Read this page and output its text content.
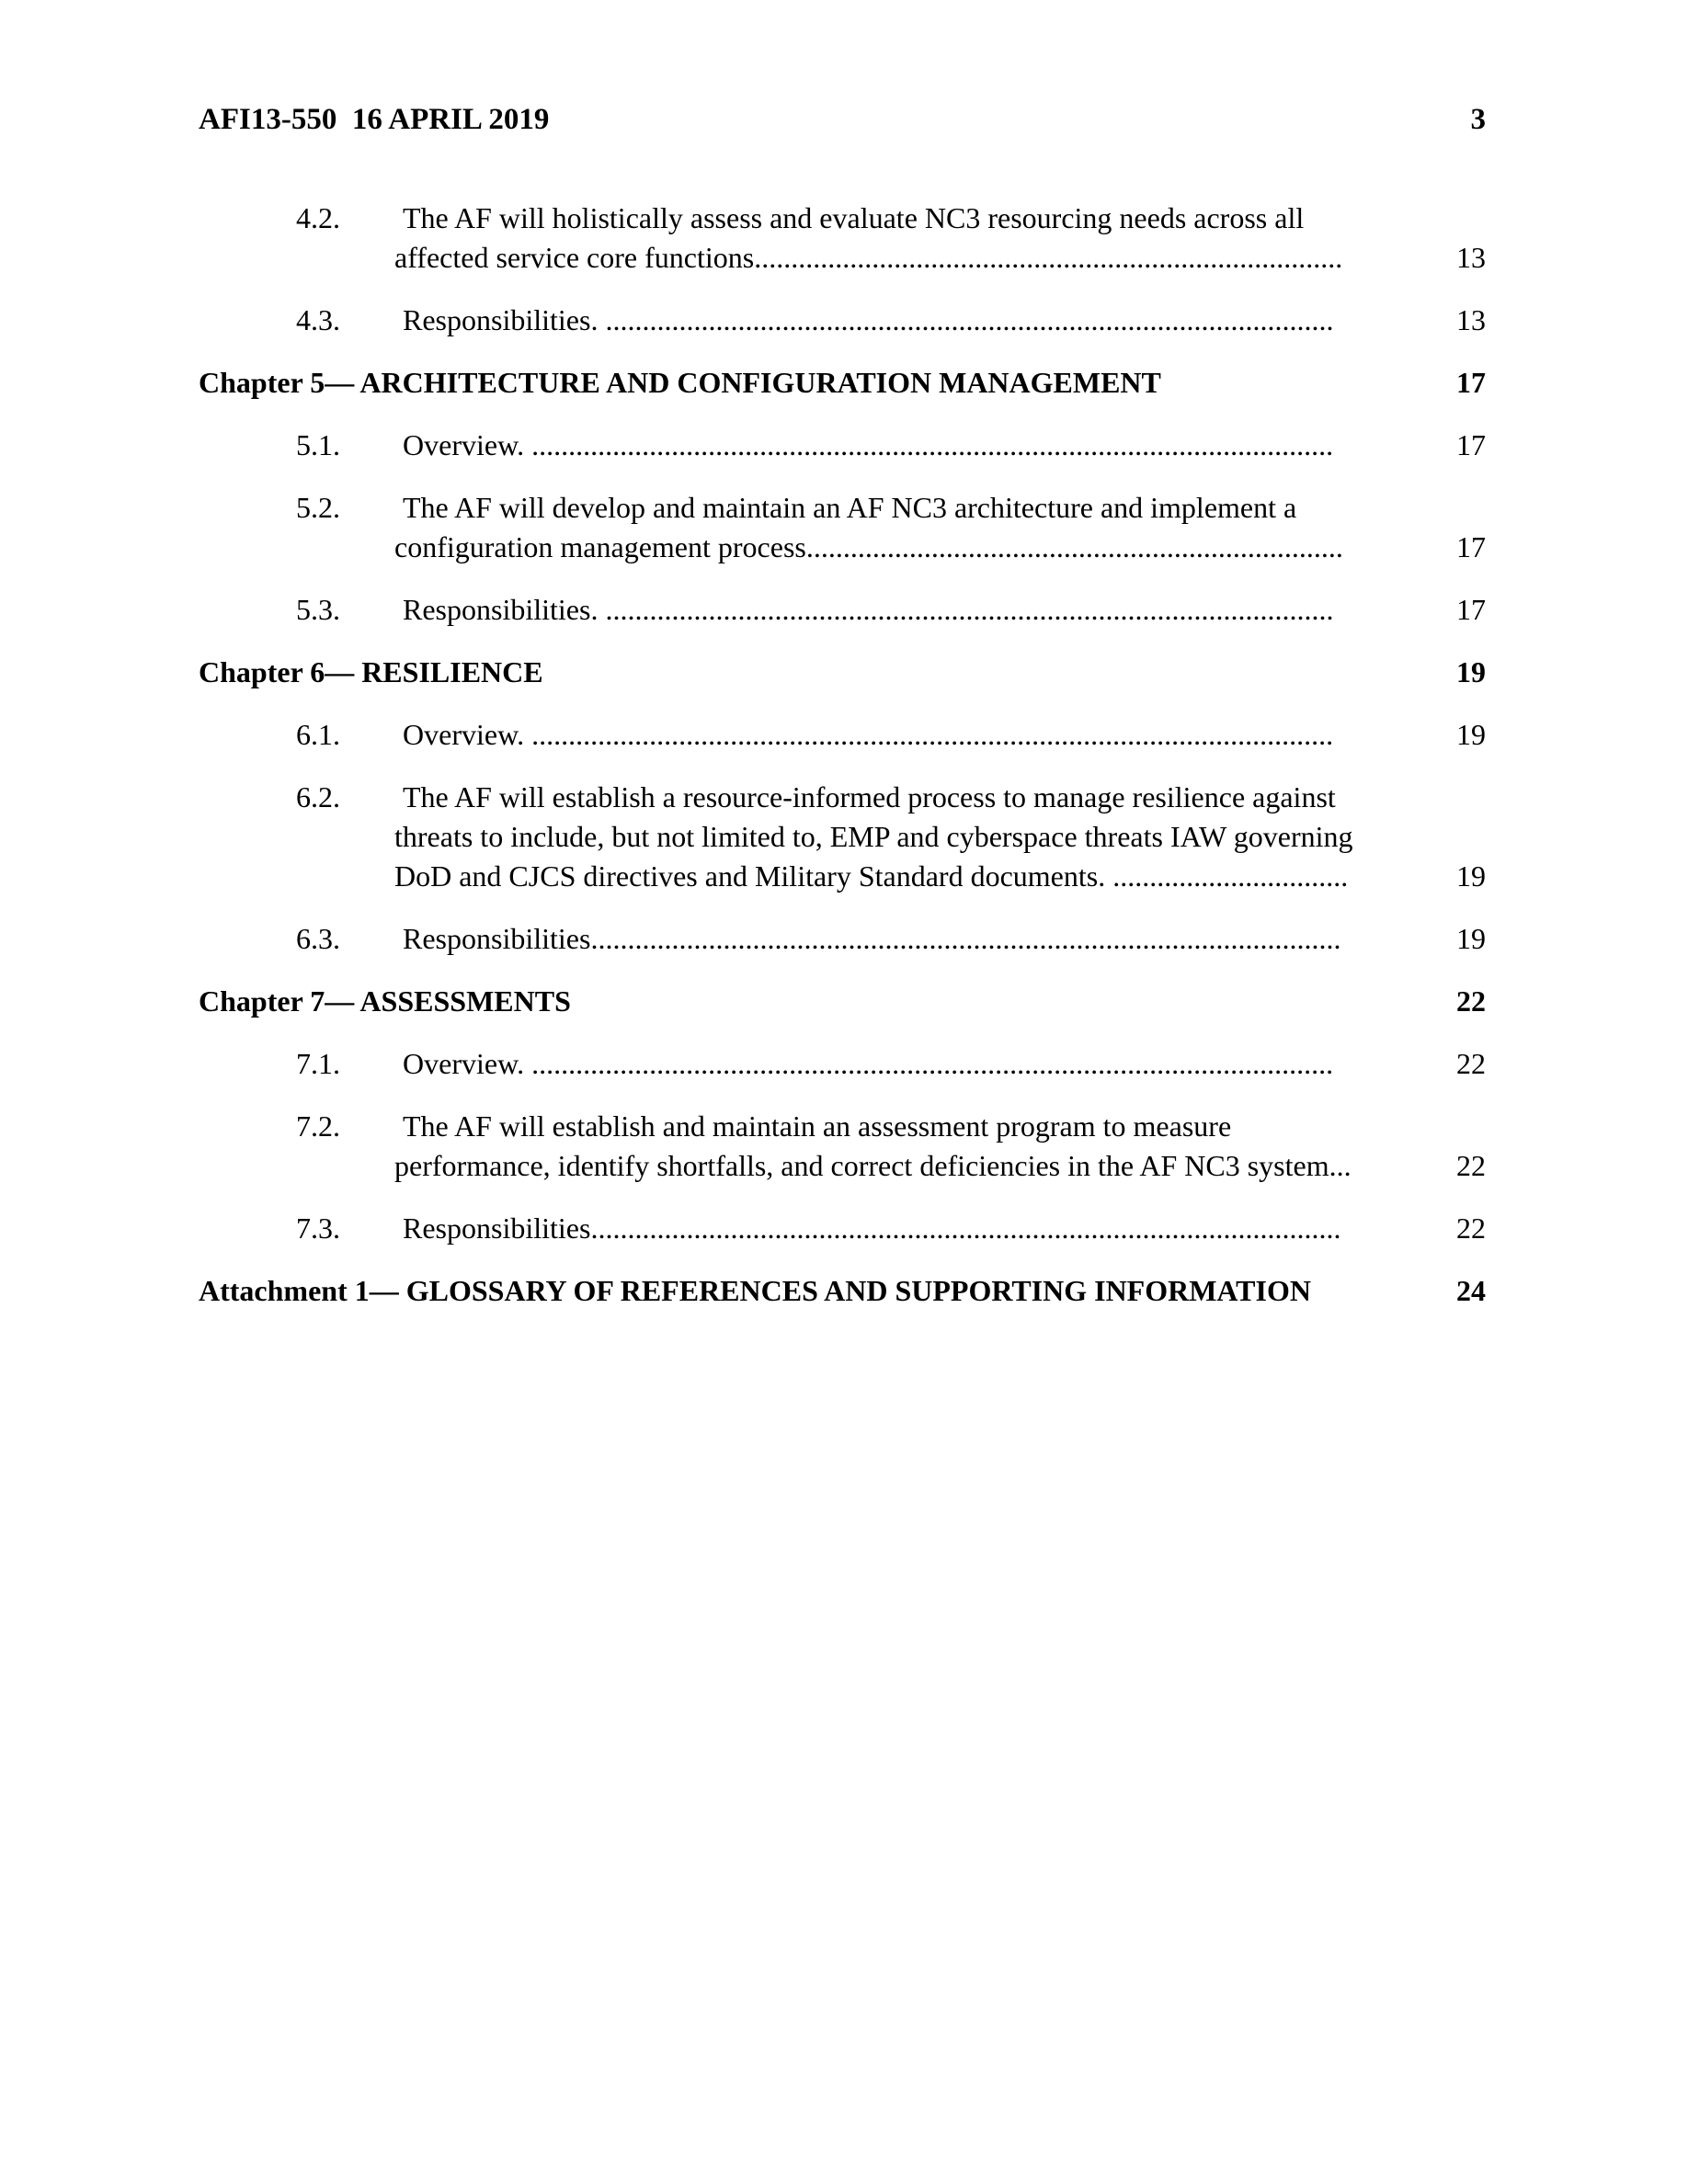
AFI13-550  16 APRIL 2019	3
4.2. The AF will holistically assess and evaluate NC3 resourcing needs across all
affected service core functions................................................................................	13
4.3. Responsibilities. ...................................................................................................	13
Chapter 5— ARCHITECTURE AND CONFIGURATION MANAGEMENT	17
5.1. Overview. .............................................................................................................	17
5.2. The AF will develop and maintain an AF NC3 architecture and implement a
configuration management process.........................................................................	17
5.3. Responsibilities. ...................................................................................................	17
Chapter 6— RESILIENCE	19
6.1. Overview. .............................................................................................................	19
6.2. The AF will establish a resource-informed process to manage resilience against
threats to include, but not limited to, EMP and cyberspace threats IAW governing
DoD and CJCS directives and Military Standard documents. ................................	19
6.3. Responsibilities......................................................................................................	19
Chapter 7— ASSESSMENTS	22
7.1. Overview. .............................................................................................................	22
7.2. The AF will establish and maintain an assessment program to measure
performance, identify shortfalls, and correct deficiencies in the AF NC3 system...	22
7.3. Responsibilities......................................................................................................	22
Attachment 1— GLOSSARY OF REFERENCES AND SUPPORTING INFORMATION	24
